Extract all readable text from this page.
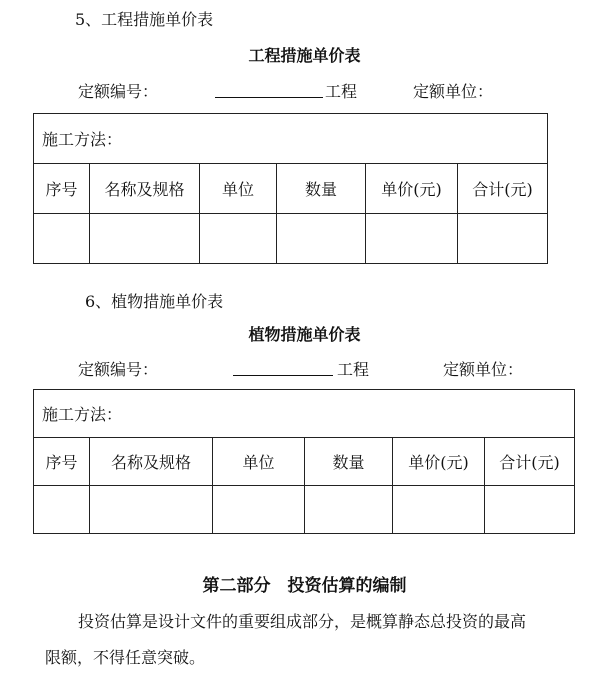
5、工程措施单价表
工程措施单价表
定额编号：	工程	定额单位：
施工方法：					
序号	名称及规格	单位	数量	单价(元)	合计(元)

6、植物措施单价表
植物措施单价表
定额编号：	工程	定额单位：
施工方法：					
序号	名称及规格	单位	数量	单价(元)	合计(元)

第二部分　投资估算的编制
投资估算是设计文件的重要组成部分，是概算静态总投资的最高
限额，不得任意突破。
